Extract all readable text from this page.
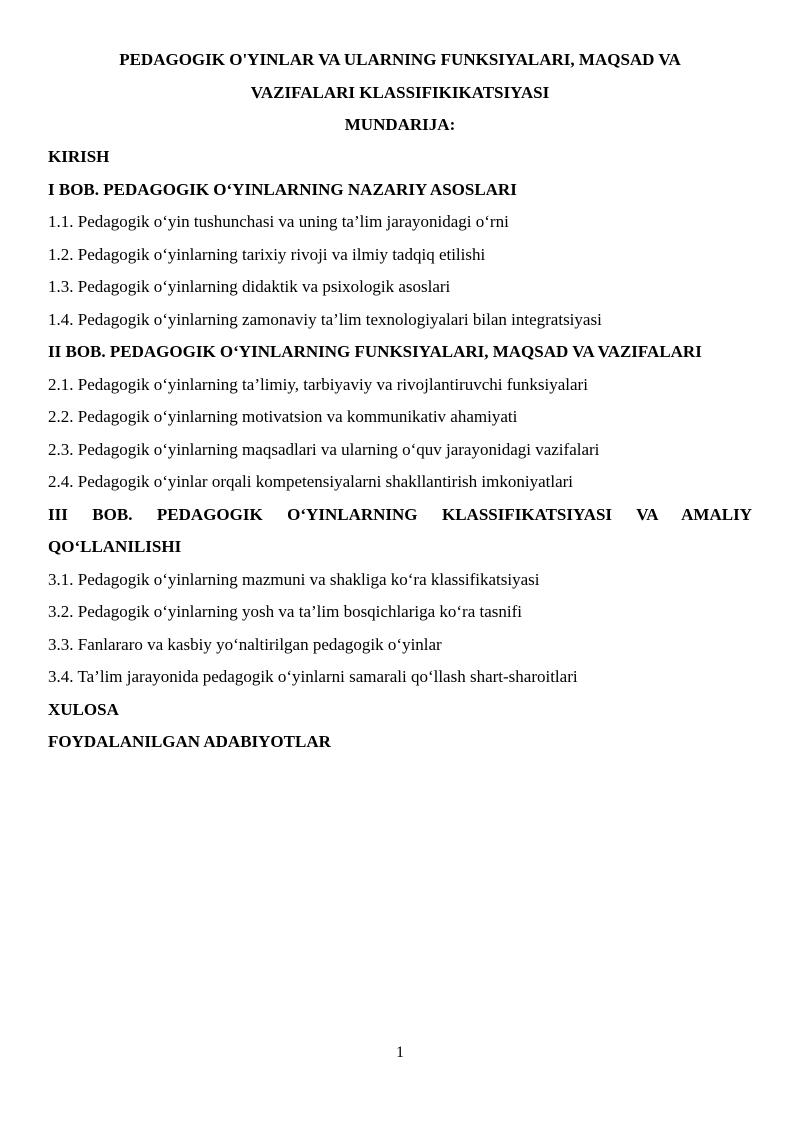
PEDAGOGIK O'YINLAR VA ULARNING FUNKSIYALARI, MAQSAD VA
VAZIFALARI KLASSIFIKIKATSIYASI
MUNDARIJA:
KIRISH
I BOB. PEDAGOGIK O‘YINLARNING NAZARIY ASOSLARI
1.1. Pedagogik o‘yin tushunchasi va uning ta’lim jarayonidagi o‘rni
1.2. Pedagogik o‘yinlarning tarixiy rivoji va ilmiy tadqiq etilishi
1.3. Pedagogik o‘yinlarning didaktik va psixologik asoslari
1.4. Pedagogik o‘yinlarning zamonaviy ta’lim texnologiyalari bilan integratsiyasi
II BOB. PEDAGOGIK O‘YINLARNING FUNKSIYALARI, MAQSAD VA VAZIFALARI
2.1. Pedagogik o‘yinlarning ta’limiy, tarbiyaviy va rivojlantiruvchi funksiyalari
2.2. Pedagogik o‘yinlarning motivatsion va kommunikativ ahamiyati
2.3. Pedagogik o‘yinlarning maqsadlari va ularning o‘quv jarayonidagi vazifalari
2.4. Pedagogik o‘yinlar orqali kompetensiyalarni shakllantirish imkoniyatlari
III BOB. PEDAGOGIK O‘YINLARNING KLASSIFIKATSIYASI VA AMALIY QO‘LLANILISHI
3.1. Pedagogik o‘yinlarning mazmuni va shakliga ko‘ra klassifikatsiyasi
3.2. Pedagogik o‘yinlarning yosh va ta’lim bosqichlariga ko‘ra tasnifi
3.3. Fanlararo va kasbiy yo‘naltirilgan pedagogik o‘yinlar
3.4. Ta’lim jarayonida pedagogik o‘yinlarni samarali qo‘llash shart-sharoitlari
XULOSA
FOYDALANILGAN ADABIYOTLAR
1
